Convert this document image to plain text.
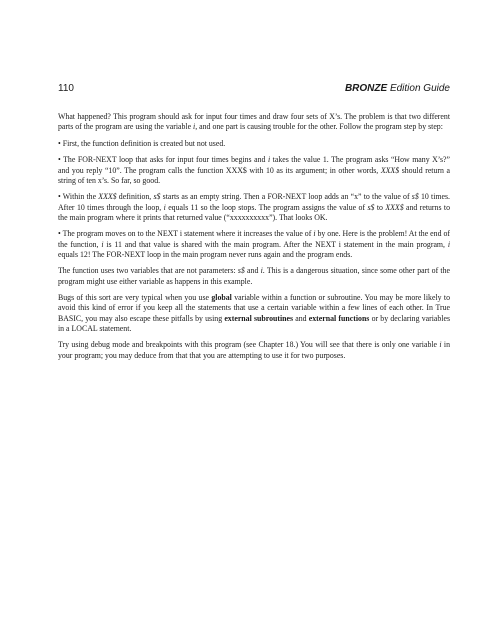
110	BRONZE Edition Guide

What happened? This program should ask for input four times and draw four sets of X’s. The problem is that two different parts of the program are using the variable i, and one part is causing trouble for the other. Follow the program step by step:

• First, the function definition is created but not used.

• The FOR-NEXT loop that asks for input four times begins and i takes the value 1. The program asks “How many X’s?” and you reply “10”. The program calls the function XXX$ with 10 as its argument; in other words, XXX$ should return a string of ten x’s. So far, so good.

• Within the XXX$ definition, s$ starts as an empty string. Then a FOR-NEXT loop adds an “x” to the value of s$ 10 times. After 10 times through the loop, i equals 11 so the loop stops. The program assigns the value of s$ to XXX$ and returns to the main program where it prints that returned value (“xxxxxxxxxx”). That looks OK.

• The program moves on to the NEXT i statement where it increases the value of i by one. Here is the problem! At the end of the function, i is 11 and that value is shared with the main program. After the NEXT i statement in the main program, i equals 12! The FOR-NEXT loop in the main program never runs again and the program ends.

The function uses two variables that are not parameters: s$ and i. This is a dangerous situation, since some other part of the program might use either variable as happens in this example.

Bugs of this sort are very typical when you use global variable within a function or subroutine. You may be more likely to avoid this kind of error if you keep all the statements that use a certain variable within a few lines of each other. In True BASIC, you may also escape these pitfalls by using external subroutines and external functions or by declaring variables in a LOCAL statement.

Try using debug mode and breakpoints with this program (see Chapter 18.) You will see that there is only one variable i in your program; you may deduce from that that you are attempting to use it for two purposes.
